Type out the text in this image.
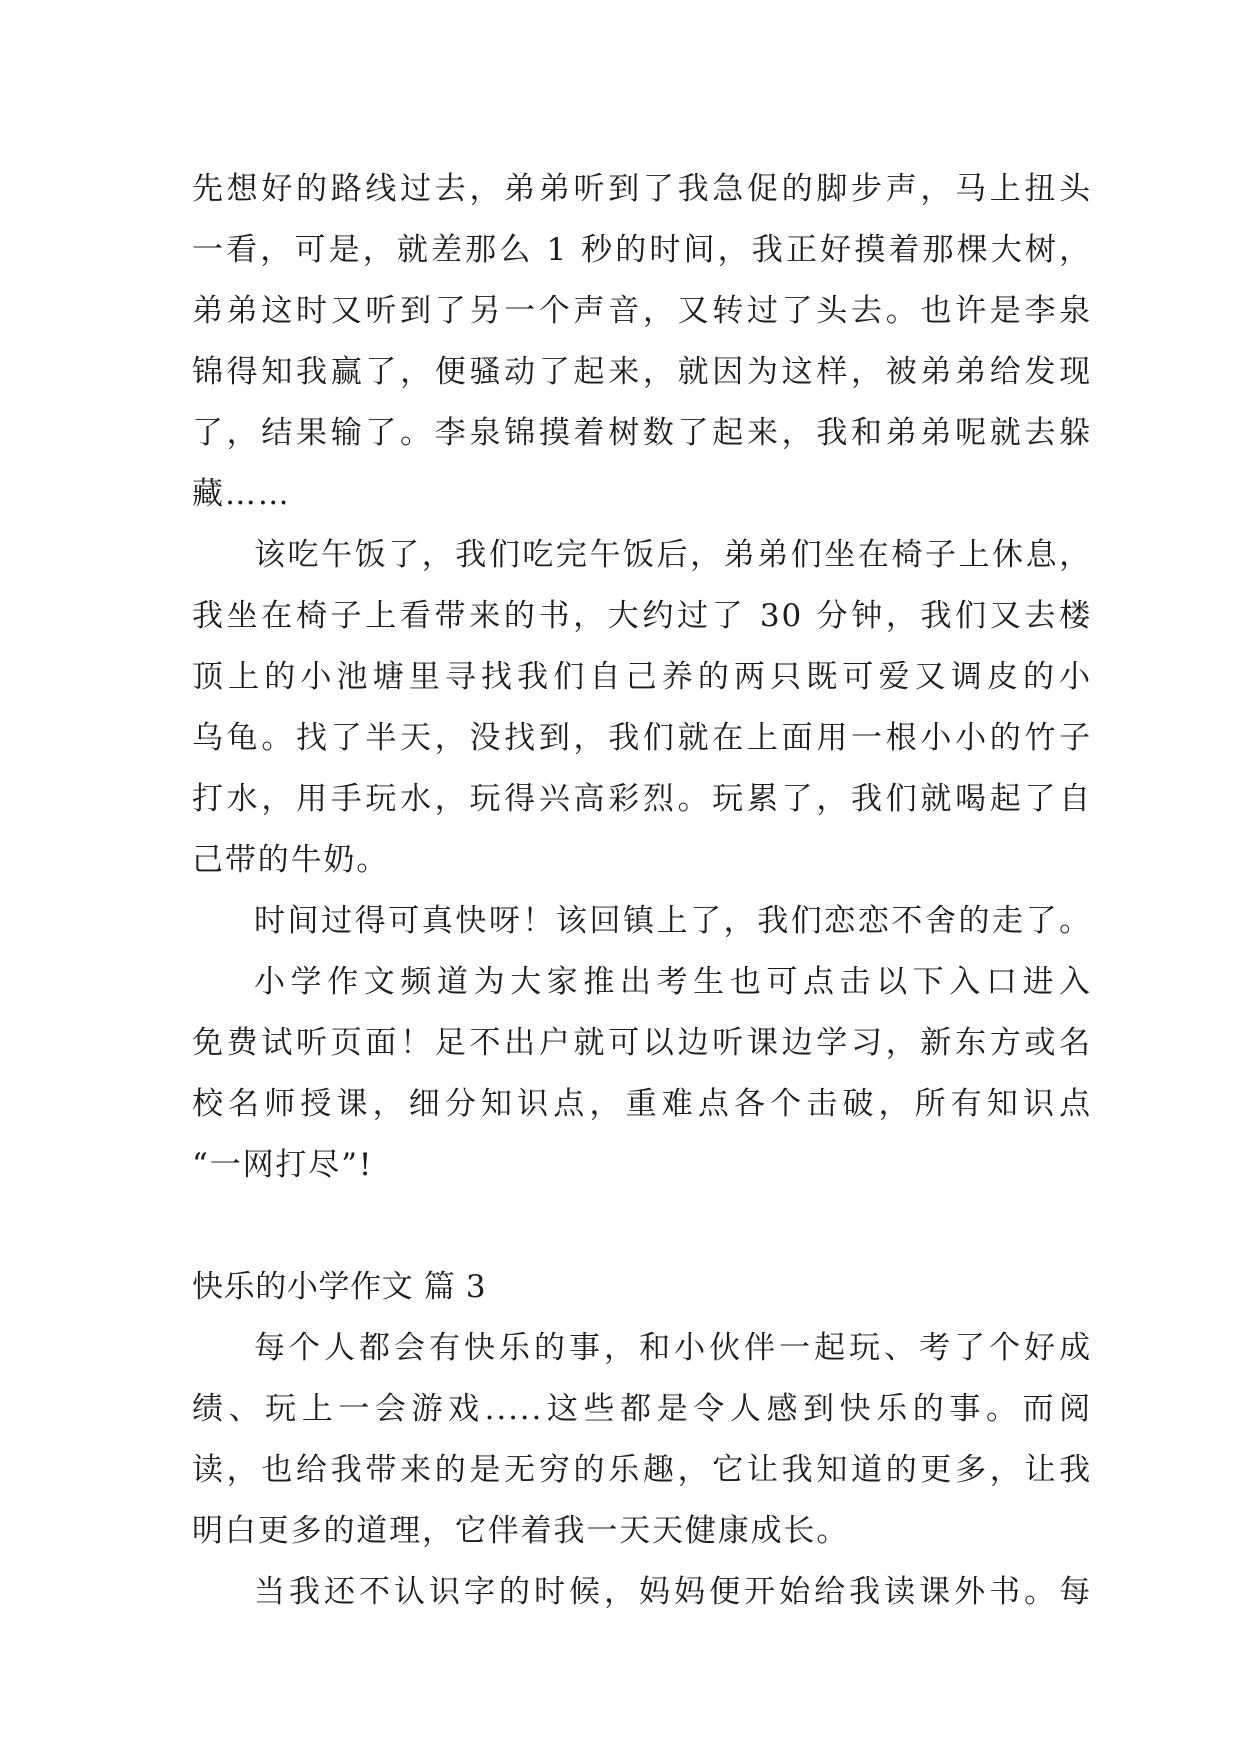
先想好的路线过去，弟弟听到了我急促的脚步声，马上扭头
一看，可是，就差那么 1 秒的时间，我正好摸着那棵大树，
弟弟这时又听到了另一个声音，又转过了头去。也许是李泉
锦得知我赢了，便骚动了起来，就因为这样，被弟弟给发现
了，结果输了。李泉锦摸着树数了起来，我和弟弟呢就去躲
藏……
该吃午饭了，我们吃完午饭后，弟弟们坐在椅子上休息，
我坐在椅子上看带来的书，大约过了 30 分钟，我们又去楼
顶上的小池塘里寻找我们自己养的两只既可爱又调皮的小
乌龟。找了半天，没找到，我们就在上面用一根小小的竹子
打水，用手玩水，玩得兴高彩烈。玩累了，我们就喝起了自
己带的牛奶。
时间过得可真快呀！该回镇上了，我们恋恋不舍的走了。
小学作文频道为大家推出考生也可点击以下入口进入
免费试听页面！足不出户就可以边听课边学习，新东方或名
校名师授课，细分知识点，重难点各个击破，所有知识点
“一网打尽”!
快乐的小学作文 篇 3
每个人都会有快乐的事，和小伙伴一起玩、考了个好成
绩、玩上一会游戏.....这些都是令人感到快乐的事。而阅
读，也给我带来的是无穷的乐趣，它让我知道的更多，让我
明白更多的道理，它伴着我一天天健康成长。
当我还不认识字的时候，妈妈便开始给我读课外书。每
